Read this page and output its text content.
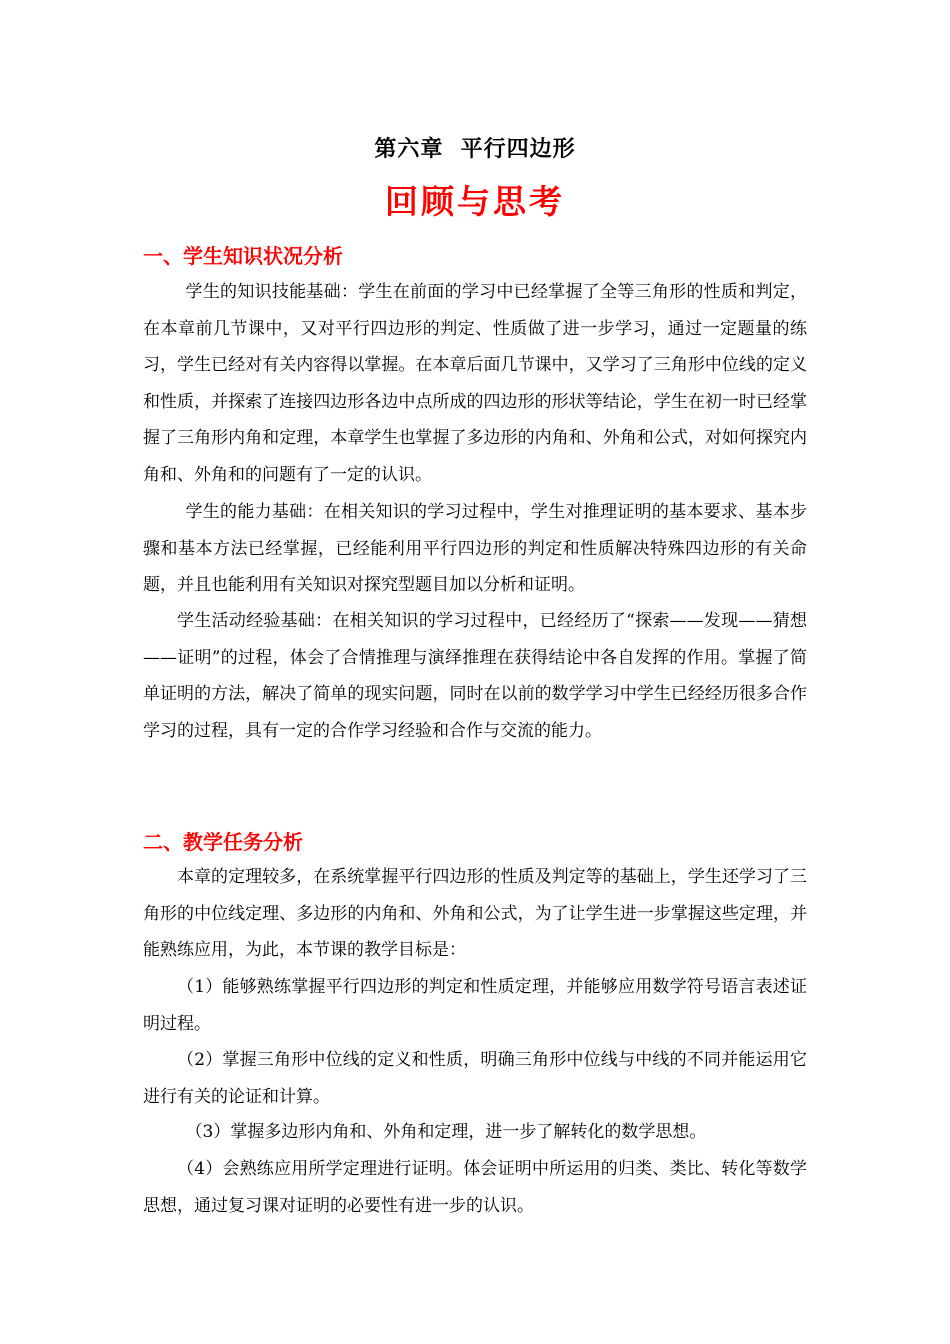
第六章  平行四边形
回顾与思考
一、学生知识状况分析

学生的知识技能基础：学生在前面的学习中已经掌握了全等三角形的性质和判定，在本章前几节课中，又对平行四边形的判定、性质做了进一步学习，通过一定题量的练习，学生已经对有关内容得以掌握。在本章后面几节课中，又学习了三角形中位线的定义和性质，并探索了连接四边形各边中点所成的四边形的形状等结论，学生在初一时已经掌握了三角形内角和定理，本章学生也掌握了多边形的内角和、外角和公式，对如何探究内角和、外角和的问题有了一定的认识。

学生的能力基础：在相关知识的学习过程中，学生对推理证明的基本要求、基本步骤和基本方法已经掌握，已经能利用平行四边形的判定和性质解决特殊四边形的有关命题，并且也能利用有关知识对探究型题目加以分析和证明。

学生活动经验基础：在相关知识的学习过程中，已经经历了“探索——发现——猜想——证明”的过程，体会了合情推理与演绎推理在获得结论中各自发挥的作用。掌握了简单证明的方法，解决了简单的现实问题，同时在以前的数学学习中学生已经经历很多合作学习的过程，具有一定的合作学习经验和合作与交流的能力。

二、教学任务分析

本章的定理较多，在系统掌握平行四边形的性质及判定等的基础上，学生还学习了三角形的中位线定理、多边形的内角和、外角和公式，为了让学生进一步掌握这些定理，并能熟练应用，为此，本节课的教学目标是：

（1）能够熟练掌握平行四边形的判定和性质定理，并能够应用数学符号语言表述证明过程。

（2）掌握三角形中位线的定义和性质，明确三角形中位线与中线的不同并能运用它进行有关的论证和计算。

（3）掌握多边形内角和、外角和定理，进一步了解转化的数学思想。

（4）会熟练应用所学定理进行证明。体会证明中所运用的归类、类比、转化等数学思想，通过复习课对证明的必要性有进一步的认识。
